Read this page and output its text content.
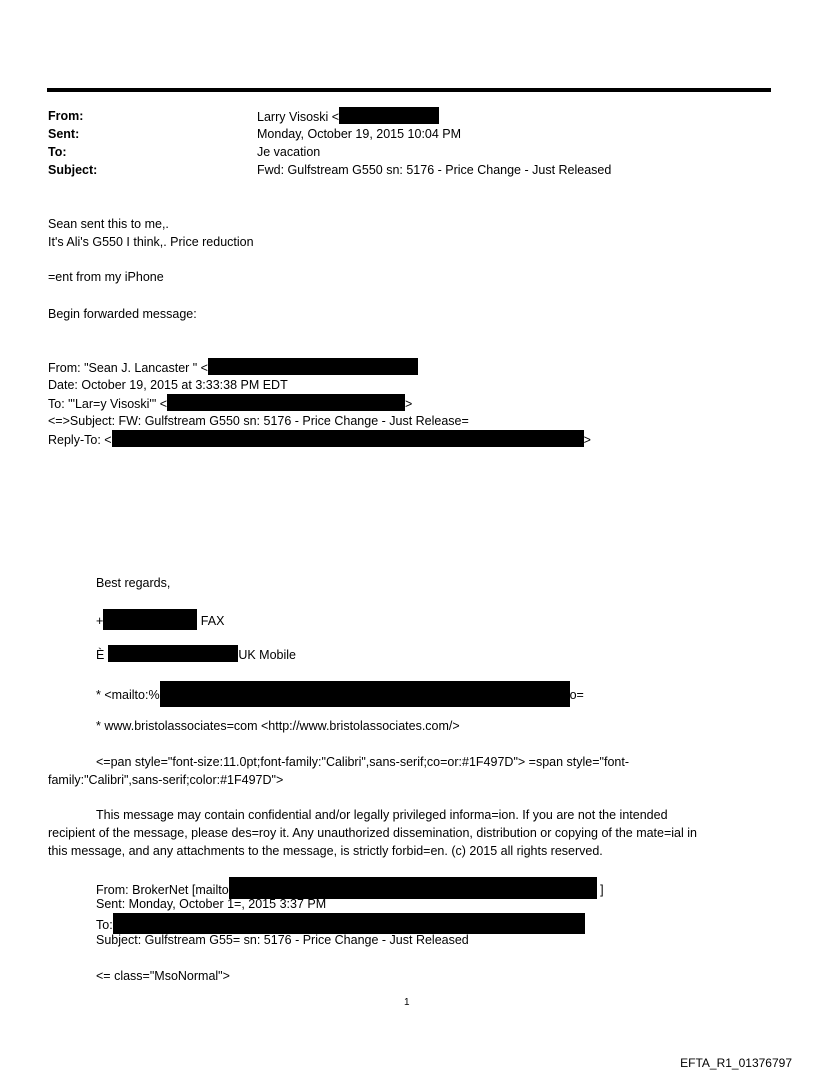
From:	Larry Visoski <
Sent:	Monday, October 19, 2015 10:04 PM
To:	Je vacation
Subject:	Fwd: Gulfstream G550 sn: 5176 - Price Change - Just Released
Sean sent this to me,.
It's Ali's G550 I think,. Price reduction
=ent from my iPhone
Begin forwarded message:
From: "Sean J. Lancaster " <
Date: October 19, 2015 at 3:33:38 PM EDT
To: "'Lar=y Visoski'" <	>
<=>Subject: FW: Gulfstream G550 sn: 5176 - Price Change - Just Release=
Reply-To: <	>
Best regards,
+	FAX
È	UK Mobile
* <mailto:%	o=
* www.bristolassociates=com <http://www.bristolassociates.com/>
<=pan style="font-size:11.0pt;font-family:"Calibri",sans-serif;co=or:#1F497D"> =span style="font-
family:"Calibri",sans-serif;color:#1F497D">
This message may contain confidential and/or legally privileged informa=ion. If you are not the intended
recipient of the message, please des=roy it. Any unauthorized dissemination, distribution or copying of the mate=ial in
this message, and any attachments to the message, is strictly forbid=en. (c) 2015 all rights reserved.
From: BrokerNet [mailto	]
Sent: Monday, October 1=, 2015 3:37 PM
To:
Subject: Gulfstream G55= sn: 5176 - Price Change - Just Released
<= class="MsoNormal">
1
EFTA_R1_01376797
